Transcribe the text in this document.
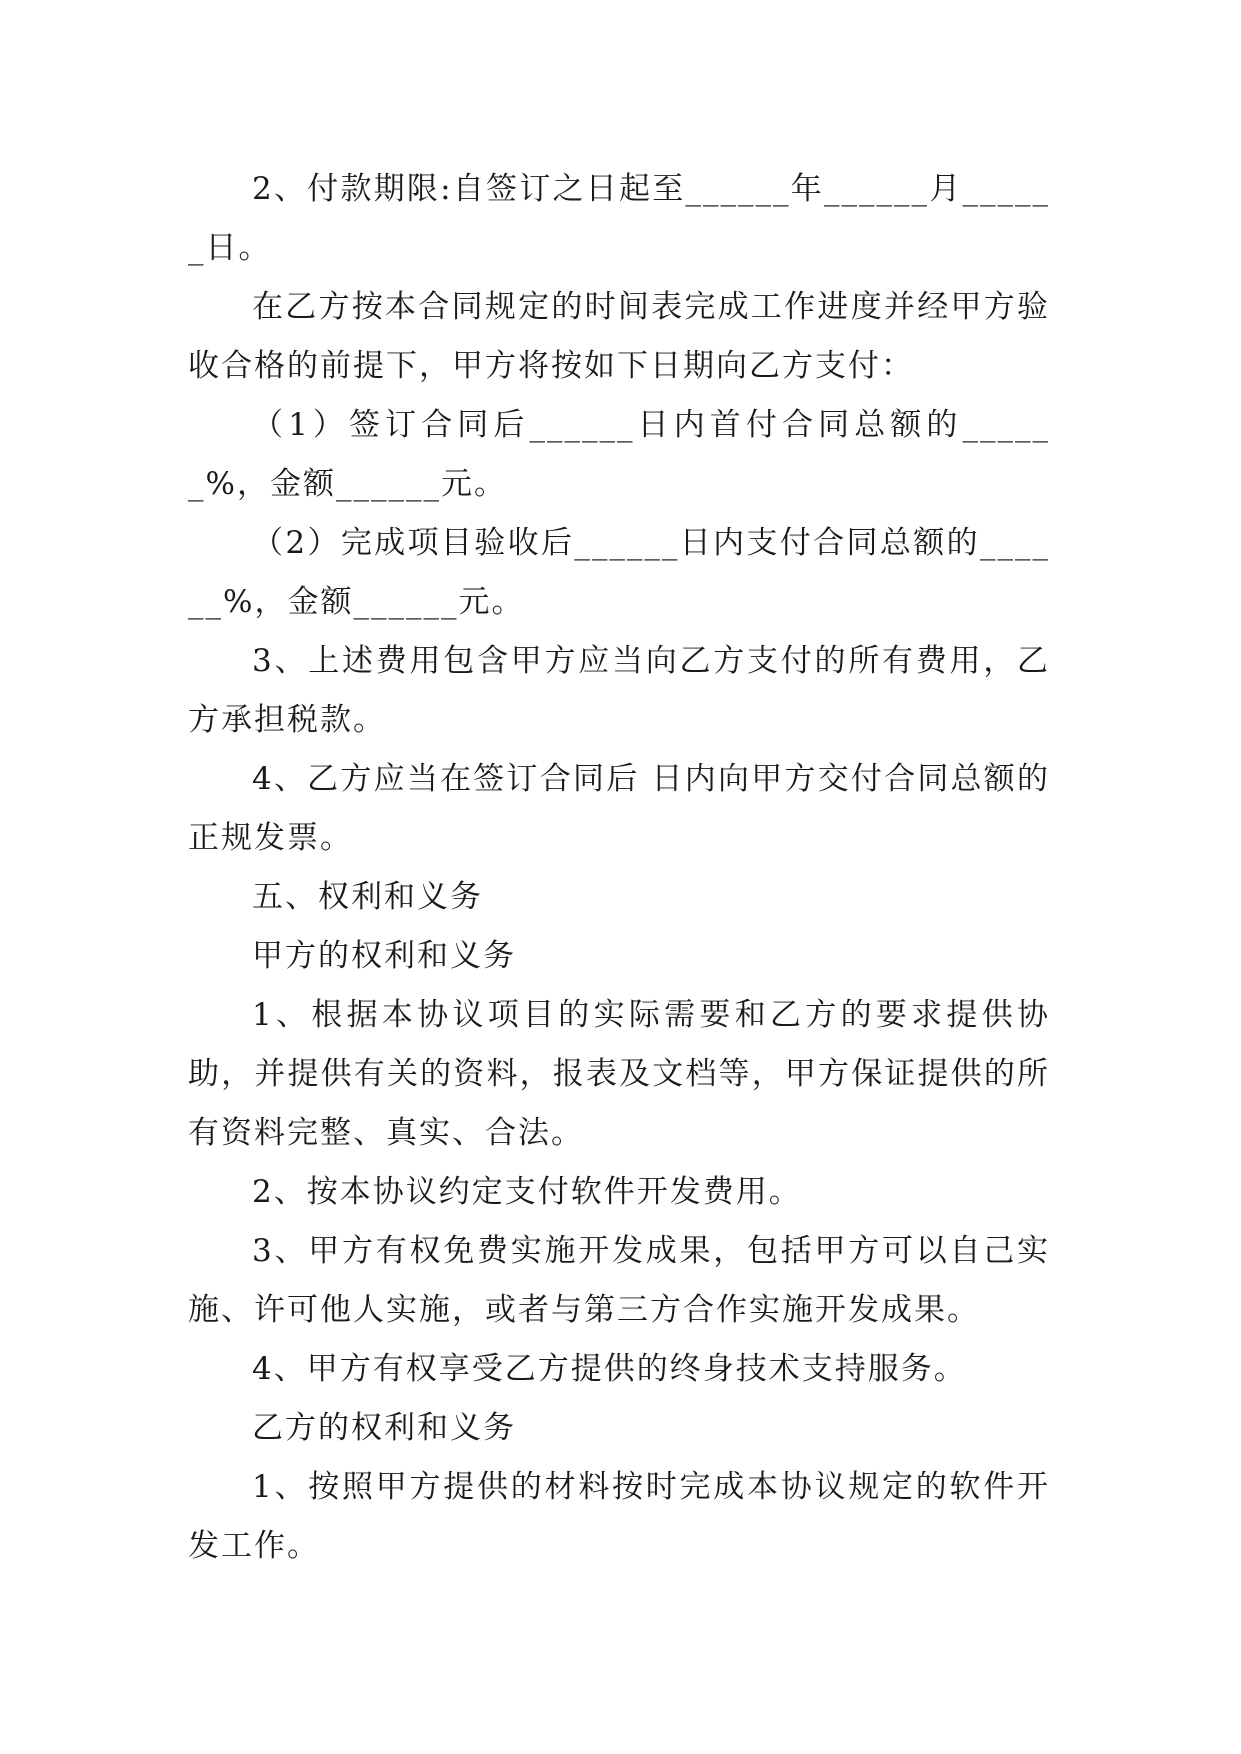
2、付款期限:自签订之日起至______年______月______日。

在乙方按本合同规定的时间表完成工作进度并经甲方验收合格的前提下，甲方将按如下日期向乙方支付：

（1）签订合同后______日内首付合同总额的______%，金额______元。

（2）完成项目验收后______日内支付合同总额的______%，金额______元。

3、上述费用包含甲方应当向乙方支付的所有费用，乙方承担税款。

4、乙方应当在签订合同后 日内向甲方交付合同总额的正规发票。

五、权利和义务

甲方的权利和义务

1、根据本协议项目的实际需要和乙方的要求提供协助，并提供有关的资料，报表及文档等，甲方保证提供的所有资料完整、真实、合法。

2、按本协议约定支付软件开发费用。

3、甲方有权免费实施开发成果，包括甲方可以自己实施、许可他人实施，或者与第三方合作实施开发成果。

4、甲方有权享受乙方提供的终身技术支持服务。

乙方的权利和义务

1、按照甲方提供的材料按时完成本协议规定的软件开发工作。
